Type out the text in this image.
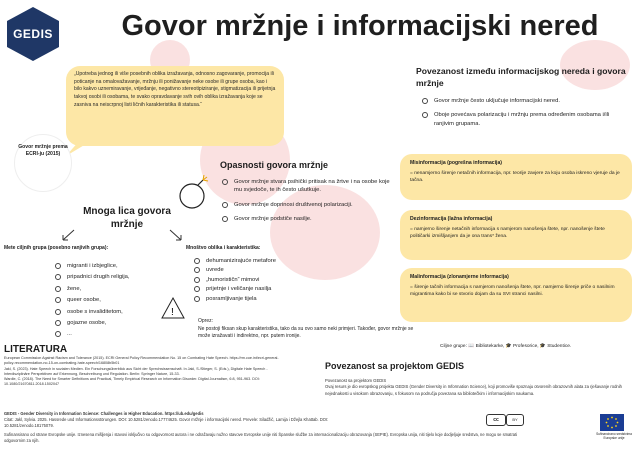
GEDIS	Govor mržnje i informacijski nered
„Upotreba jednog ili više posebnih oblika izražavanja, odnosno zagovaranje, promocija ili poticanje na omalovažavanje, mržnju ili ponižavanje neke osobe ili grupe osoba, kao i bilo kakvo uznemiravanje, vrijeđanje, negativno stereotipiziranje, stigmatizacija ili prijetnja takvoj osobi ili osobama, te svako opravdavanje svih ovih oblika izražavanja koje se zasniva na neiscrpnoj listi ličnih karakteristika ili statusa.“
Govor mržnje prema ECRI-ju (2015)
Povezanost između informacijskog nereda i govora mržnje
Govor mržnje često uključuje informacijski nered.
Oboje povećava polarizaciju i mržnju prema određenim osobama i/ili ranjivim grupama.
Opasnosti govora mržnje
Govor mržnje stvara psihički pritisak na žrtve i na osobe koje mu svjedoče, te ih često ušutkuje.
Govor mržnje doprinosi društvenoj polarizaciji.
Govor mržnje podstiče nasilje.
Mnoga lica govora mržnje
Mete ciljnih grupa (posebno ranjivih grupa):
migranti i izbjeglice,
pripadnici drugih religija,
žene,
queer osobe,
osobe s invaliditetom,
gojazne osobe,
...
Mnoštvo oblika i karakteristika:
dehumanizirajuće metafore
uvrede
„humorističn“ mimovi
prijetnje i veličanje nasilja
posramljivanje tijela
!
Oprez:
Ne postoji fiksan skup karakteristika, tako da su ovo samo neki primjeri. Također, govor mržnje se može izražavati i indirektno, npr. putem ironije.
Misinformacija (pogrešna informacija)
= nenamjerno širenje netačnih informacija, npr. teorije zavjere za koju osoba iskreno vjeruje da je tačna.
Dezinformacija (lažna informacija)
= namjerno širenje netačnih informacija s namjerom nanošenja štete, npr. nanošenje štete političarki izmišljanjem da je ona trans* žena.
Malinformacija (zlonamjerne informacija)
= širenje tačnih informacija s namjerom nanošenja štete, npr. namjerno širenje priče o nasilnim migrantima kako bi se stvorio dojam da su SVI stranci nasilni.
Ciljne grupe: 📖 Bibliotekarke, 🎓 Profesorice, 🎓 Studentice.
LITERATURA
European Commission Against Racism and Tolerance (2015). ECRI General Policy Recommendation No. 15 on Combating Hate Speech. https://rm.coe.int/ecri-general-policy-recommendation-no-15-on-combating-hate-speech/16808b5b01
Jakl, S. (2023). Hate Speech in sozialen Medien. Ein Forschungsüberblick aus Sicht der Sprechwissenschaft. In Jakl, S./Stieger, S. (Eds.), Digitale Hate Speech - Interdisziplinäre Perspektiven auf Erkennung, Beschreibung und Regulation. Berlin: Springer Nature, 15-33.
Wardle, C. (2018). The Need for Smarter Definitions and Practical, Timely Empirical Research on Information Disorder. Digital Journalism, 6:8, 951-963. DOI: 10.1080/21670811.2018.1502047
Povezanost sa projektom GEDIS
Povezanost sa projektom GEDIS
Ovaj resurs je dio evropskog projekta GEDIS (Gender Diversity in Information Science), koji promoviše spoznaju otvorenih obrazovnih alata za rješavanje rodnih nejednakosti u visokom obrazovanju, s fokusom na područja povezana sa bibliotečkim i informacijskim naukama.
GEDIS - Gender Diversity in Information Science: Challenges in Higher Education. https://ub.edu/gedis
Citat: Jakl, Sylvia. 2025. Hassrede und Informationsstörungen. DOI: 10.5281/zenodo.17774625. Govor mržnje i informacijski nered. Prevele: Siladžić, Lamija i Džejla Khattab. DOI: 10.5281/zenodo.18175079.
Sufinansirano od strane Evropske unije. Iznesena mišljenja i stavovi isključivo su odgovornost autora i ne odražavaju nužno stavove Evropske unije niti Španske službe za internacionalizaciju obrazovanja (SEPIE). Evropska unija, niti tijelo koje dodjeljuje sredstva, ne mogu se smatrati odgovornim za njih.
cc	BY
Sufinancirano sredstvima Europske unije
